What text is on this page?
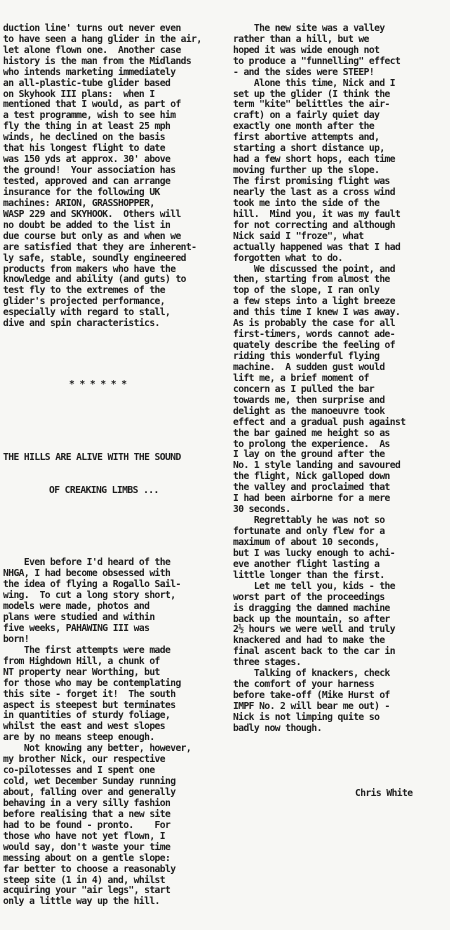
duction line' turns out never even
to have seen a hang glider in the air,
let alone flown one.  Another case
history is the man from the Midlands
who intends marketing immediately
an all-plastic-tube glider based
on Skyhook III plans:  when I
mentioned that I would, as part of
a test programme, wish to see him
fly the thing in at least 25 mph
winds, he declined on the basis
that his longest flight to date
was 150 yds at approx. 30' above
the ground!  Your association has
tested, approved and can arrange
insurance for the following UK
machines: ARION, GRASSHOPPER,
WASP 229 and SKYHOOK.  Others will
no doubt be added to the list in
due course but only as and when we
are satisfied that they are inherent-
ly safe, stable, soundly engineered
products from makers who have the
knowledge and ability (and guts) to
test fly to the extremes of the
glider's projected performance,
especially with regard to stall,
dive and spin characteristics.

* * * * * *

THE HILLS ARE ALIVE WITH THE SOUND

OF CREAKING LIMBS ...

Even before I'd heard of the
NHGA, I had become obsessed with
the idea of flying a Rogallo Sail-
wing.  To cut a long story short,
models were made, photos and
plans were studied and within
five weeks, PAHAWING III was
born!
The first attempts were made
from Highdown Hill, a chunk of
NT property near Worthing, but
for those who may be contemplating
this site - forget it!  The south
aspect is steepest but terminates
in quantities of sturdy foliage,
whilst the east and west slopes
are by no means steep enough.
Not knowing any better, however,
my brother Nick, our respective
co-pilotesses and I spent one
cold, wet December Sunday running
about, falling over and generally
behaving in a very silly fashion
before realising that a new site
had to be found - pronto.    For
those who have not yet flown, I
would say, don't waste your time
messing about on a gentle slope:
far better to choose a reasonably
steep site (1 in 4) and, whilst
acquiring your "air legs", start
only a little way up the hill.

The new site was a valley
rather than a hill, but we
hoped it was wide enough not
to produce a "funnelling" effect
- and the sides were STEEP!
Alone this time, Nick and I
set up the glider (I think the
term "kite" belittles the air-
craft) on a fairly quiet day
exactly one month after the
first abortive attempts and,
starting a short distance up,
had a few short hops, each time
moving further up the slope.
The first promising flight was
nearly the last as a cross wind
took me into the side of the
hill.  Mind you, it was my fault
for not correcting and although
Nick said I "froze", what
actually happened was that I had
forgotten what to do.
We discussed the point, and
then, starting from almost the
top of the slope, I ran only
a few steps into a light breeze
and this time I knew I was away.
As is probably the case for all
first-timers, words cannot ade-
quately describe the feeling of
riding this wonderful flying
machine.  A sudden gust would
lift me, a brief moment of
concern as I pulled the bar
towards me, then surprise and
delight as the manoeuvre took
effect and a gradual push against
the bar gained me height so as
to prolong the experience.  As
I lay on the ground after the
No. 1 style landing and savoured
the flight, Nick galloped down
the valley and proclaimed that
I had been airborne for a mere
30 seconds.
Regrettably he was not so
fortunate and only flew for a
maximum of about 10 seconds,
but I was lucky enough to achi-
eve another flight lasting a
little longer than the first.
Let me tell you, kids - the
worst part of the proceedings
is dragging the damned machine
back up the mountain, so after
2½ hours we were well and truly
knackered and had to make the
final ascent back to the car in
three stages.
Talking of knackers, check
the comfort of your harness
before take-off (Mike Hurst of
IMPF No. 2 will bear me out) -
Nick is not limping quite so
badly now though.

Chris White
